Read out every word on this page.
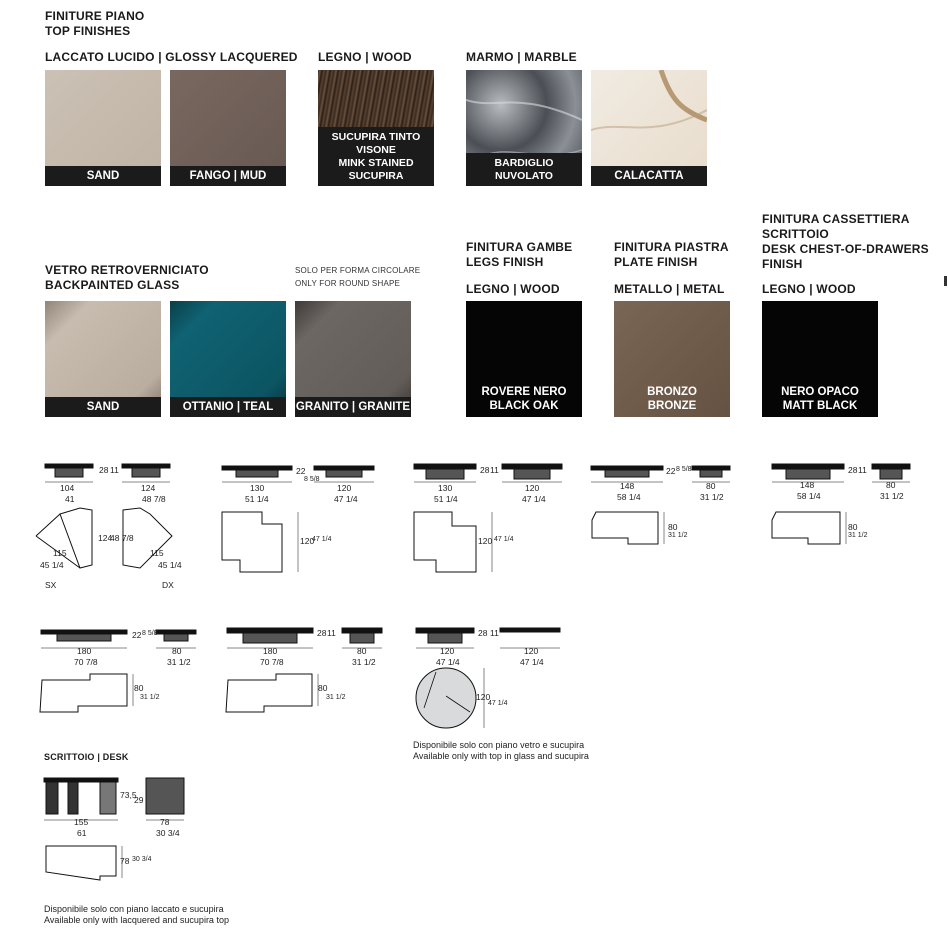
FINITURE PIANO
TOP FINISHES
LACCATO LUCIDO | GLOSSY LACQUERED LEGNO | WOOD	MARMO | MARBLE
SAND	FANGO | MUD
SUCUPIRA TINTO VISONE
MINK STAINED SUCUPIRA
BARDIGLIO NUVOLATO	CALACATTA
VETRO RETROVERNICIATO
BACKPAINTED GLASS
SOLO PER FORMA CIRCOLARE
ONLY FOR ROUND SHAPE
FINITURA GAMBE
LEGS FINISH
LEGNO | WOOD
FINITURA PIASTRA
PLATE FINISH
METALLO | METAL
FINITURA CASSETTIERA
SCRITTOIO
DESK CHEST-OF-DRAWERS
FINISH
LEGNO | WOOD
SAND	OTTANIO | TEAL	GRANITO | GRANITE
ROVERE NERO
BLACK OAK
BRONZO
BRONZE
NERO OPACO
MATT BLACK
104
41
124
48 7/8
28 11
124
48 7/8
115
45 1/4
115
45 1/4
SX	DX
130
51 1/4
120
47 1/4
22
8 5/8
120
47 1/4
130
51 1/4
120
47 1/4
28 11
120 47 1/4
148
58 1/4
80
31 1/2
22 8 5/8
80
31 1/2
148
58 1/4
80
31 1/2
28 11
80
31 1/2
180
70 7/8
80
31 1/2
22 8 5/8
80
31 1/2
180
70 7/8
80
31 1/2
28 11
80
31 1/2
120
47 1/4
120
47 1/4
28 11
120
47 1/4
Disponibile solo con piano vetro e sucupira
Available only with top in glass and sucupira
SCRITTOIO | DESK
155
61
78
30 3/4
73,5
29
78 30 3/4
Disponibile solo con piano laccato e sucupira
Available only with lacquered and sucupira top
